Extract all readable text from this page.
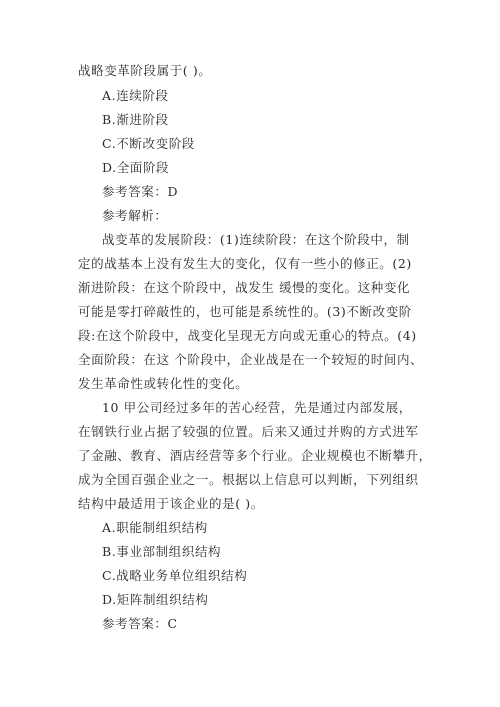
战略变革阶段属于( )。
A.连续阶段
B.渐进阶段
C.不断改变阶段
D.全面阶段
参考答案：D
参考解析：
战变革的发展阶段：(1)连续阶段：在这个阶段中，制
定的战基本上没有发生大的变化，仅有一些小的修正。(2)
渐进阶段：在这个阶段中，战发生 缓慢的变化。这种变化
可能是零打碎敲性的，也可能是系统性的。(3)不断改变阶
段:在这个阶段中，战变化呈现无方向或无重心的特点。(4)
全面阶段：在这 个阶段中，企业战是在一个较短的时间内、
发生革命性或转化性的变化。
10 甲公司经过多年的苦心经营，先是通过内部发展，
在钢铁行业占据了较强的位置。后来又通过并购的方式进军
了金融、教育、酒店经营等多个行业。企业规模也不断攀升，
成为全国百强企业之一。根据以上信息可以判断，下列组织
结构中最适用于该企业的是( )。
A.职能制组织结构
B.事业部制组织结构
C.战略业务单位组织结构
D.矩阵制组织结构
参考答案：C
